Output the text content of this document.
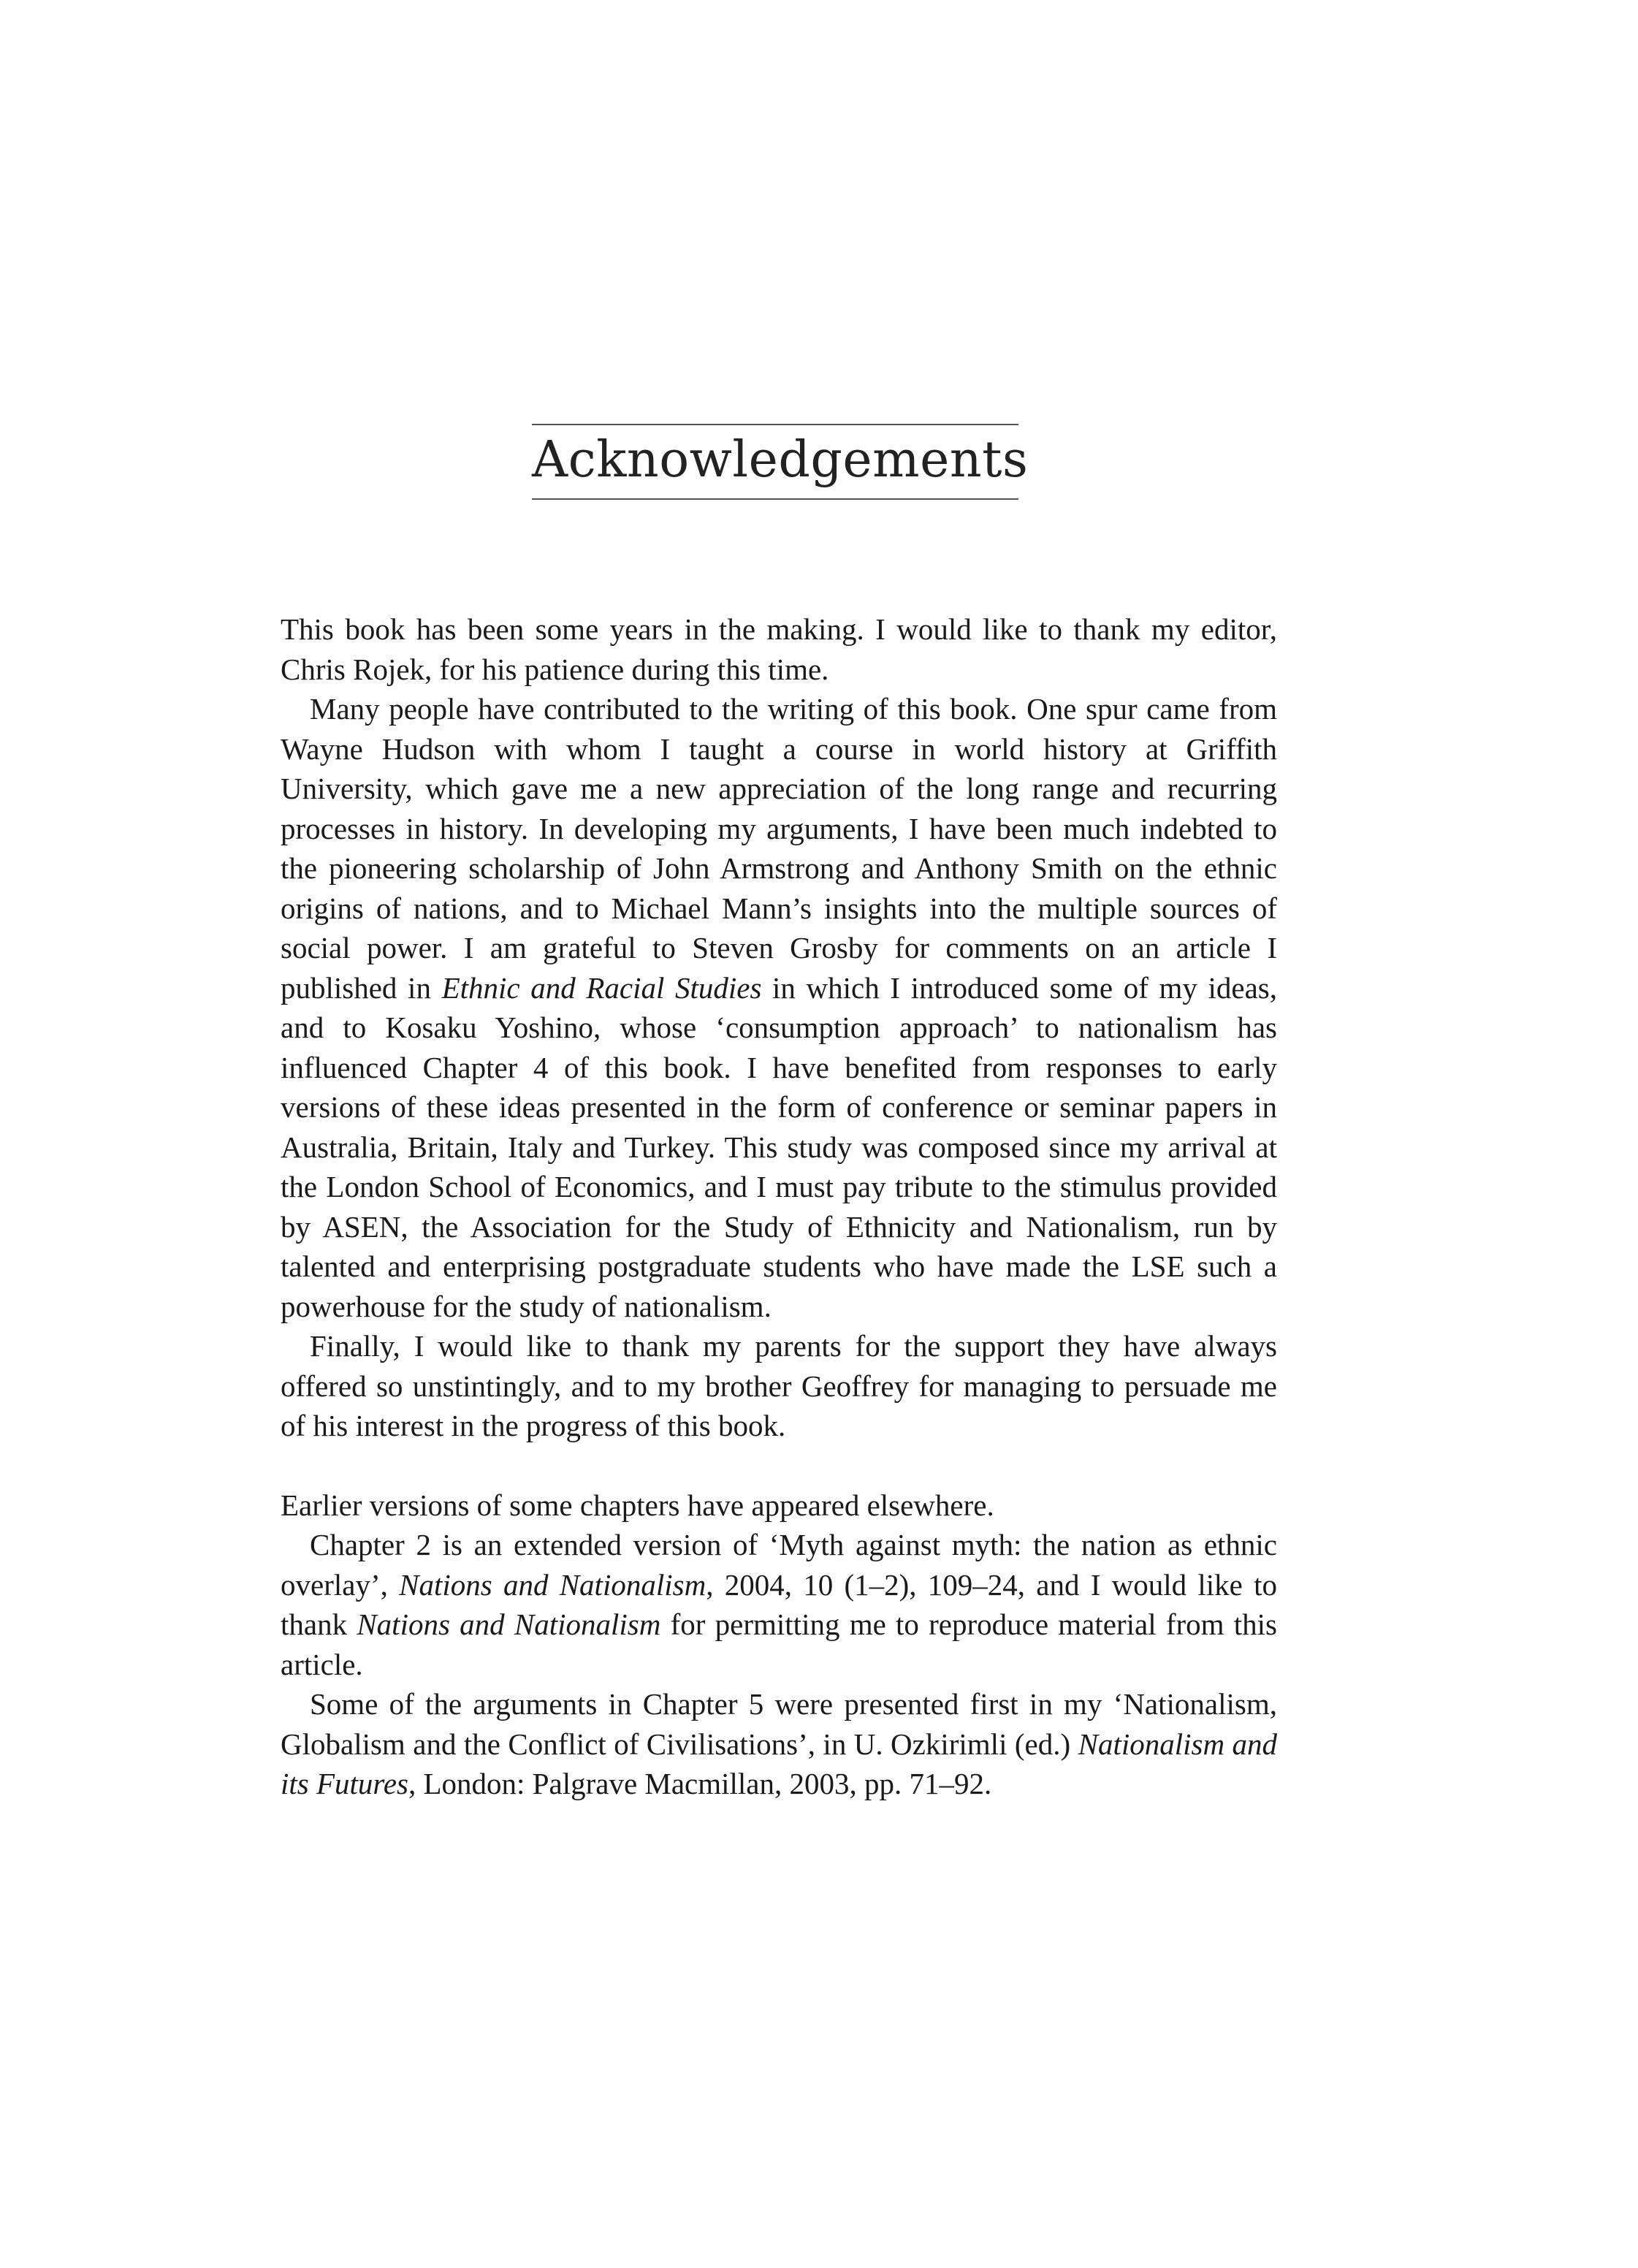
Acknowledgements

This book has been some years in the making. I would like to thank my editor, Chris Rojek, for his patience during this time.

Many people have contributed to the writing of this book. One spur came from Wayne Hudson with whom I taught a course in world history at Griffith University, which gave me a new appreciation of the long range and recurring processes in history. In developing my arguments, I have been much indebted to the pioneering scholarship of John Armstrong and Anthony Smith on the ethnic origins of nations, and to Michael Mann’s insights into the multiple sources of social power. I am grateful to Steven Grosby for comments on an article I published in Ethnic and Racial Studies in which I introduced some of my ideas, and to Kosaku Yoshino, whose ‘consumption approach’ to nationalism has influenced Chapter 4 of this book. I have benefited from responses to early versions of these ideas presented in the form of conference or seminar papers in Australia, Britain, Italy and Turkey. This study was composed since my arrival at the London School of Economics, and I must pay tribute to the stimulus provided by ASEN, the Association for the Study of Ethnicity and Nationalism, run by talented and enterprising postgraduate students who have made the LSE such a powerhouse for the study of nationalism.

Finally, I would like to thank my parents for the support they have always offered so unstintingly, and to my brother Geoffrey for managing to persuade me of his interest in the progress of this book.

Earlier versions of some chapters have appeared elsewhere.

Chapter 2 is an extended version of ‘Myth against myth: the nation as ethnic overlay’, Nations and Nationalism, 2004, 10 (1–2), 109–24, and I would like to thank Nations and Nationalism for permitting me to reproduce material from this article.

Some of the arguments in Chapter 5 were presented first in my ‘Nationalism, Globalism and the Conflict of Civilisations’, in U. Ozkirimli (ed.) Nationalism and its Futures, London: Palgrave Macmillan, 2003, pp. 71–92.
